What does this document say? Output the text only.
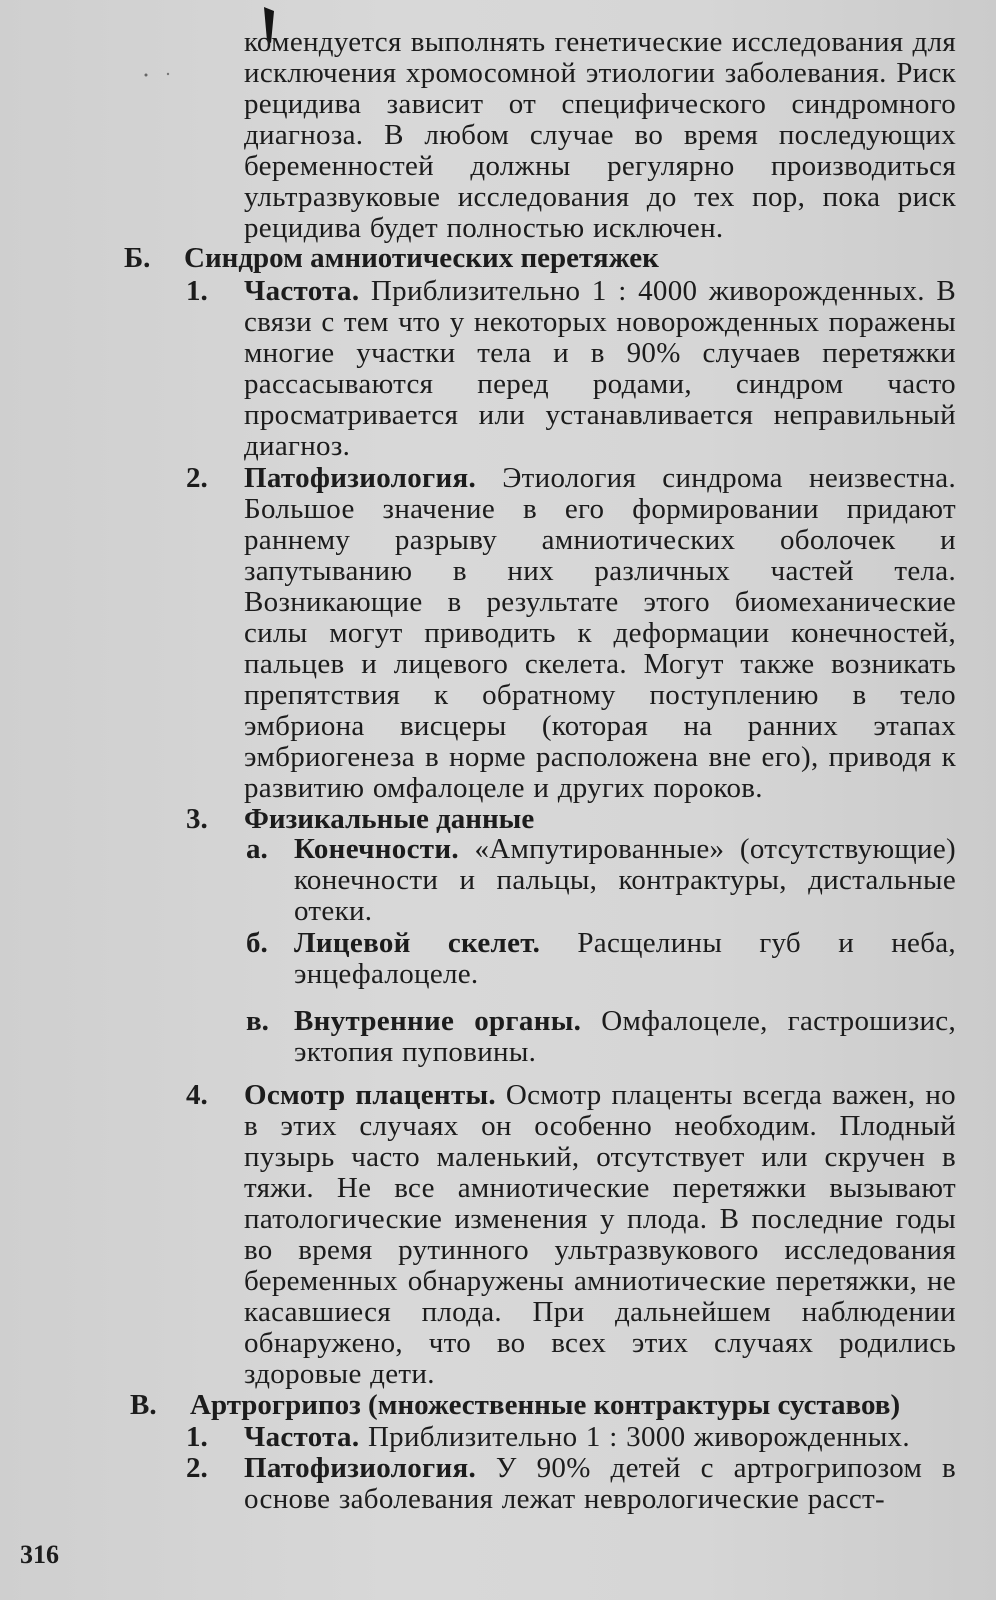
комендуется выполнять генетические исследования для исключения хромосомной этиологии заболевания. Риск рецидива зависит от специфического синдромного диагноза. В любом случае во время последующих беременностей должны регулярно производиться ультразвуковые исследования до тех пор, пока риск рецидива будет полностью исключен.
Б. Синдром амниотических перетяжек
1. Частота. Приблизительно 1 : 4000 живорожденных. В связи с тем что у некоторых новорожденных поражены многие участки тела и в 90% случаев перетяжки рассасываются перед родами, синдром часто просматривается или устанавливается неправильный диагноз.
2. Патофизиология. Этиология синдрома неизвестна. Большое значение в его формировании придают раннему разрыву амниотических оболочек и запутыванию в них различных частей тела. Возникающие в результате этого биомеханические силы могут приводить к деформации конечностей, пальцев и лицевого скелета. Могут также возникать препятствия к обратному поступлению в тело эмбриона висцеры (которая на ранних этапах эмбриогенеза в норме расположена вне его), приводя к развитию омфалоцеле и других пороков.
3. Физикальные данные
а. Конечности. «Ампутированные» (отсутствующие) конечности и пальцы, контрактуры, дистальные отеки.
б. Лицевой скелет. Расщелины губ и неба, энцефалоцеле.
в. Внутренние органы. Омфалоцеле, гастрошизис, эктопия пуповины.
4. Осмотр плаценты. Осмотр плаценты всегда важен, но в этих случаях он особенно необходим. Плодный пузырь часто маленький, отсутствует или скручен в тяжи. Не все амниотические перетяжки вызывают патологические изменения у плода. В последние годы во время рутинного ультразвукового исследования беременных обнаружены амниотические перетяжки, не касавшиеся плода. При дальнейшем наблюдении обнаружено, что во всех этих случаях родились здоровые дети.
В. Артрогрипоз (множественные контрактуры суставов)
1. Частота. Приблизительно 1 : 3000 живорожденных.
2. Патофизиология. У 90% детей с артрогрипозом в основе заболевания лежат неврологические расст-
316
